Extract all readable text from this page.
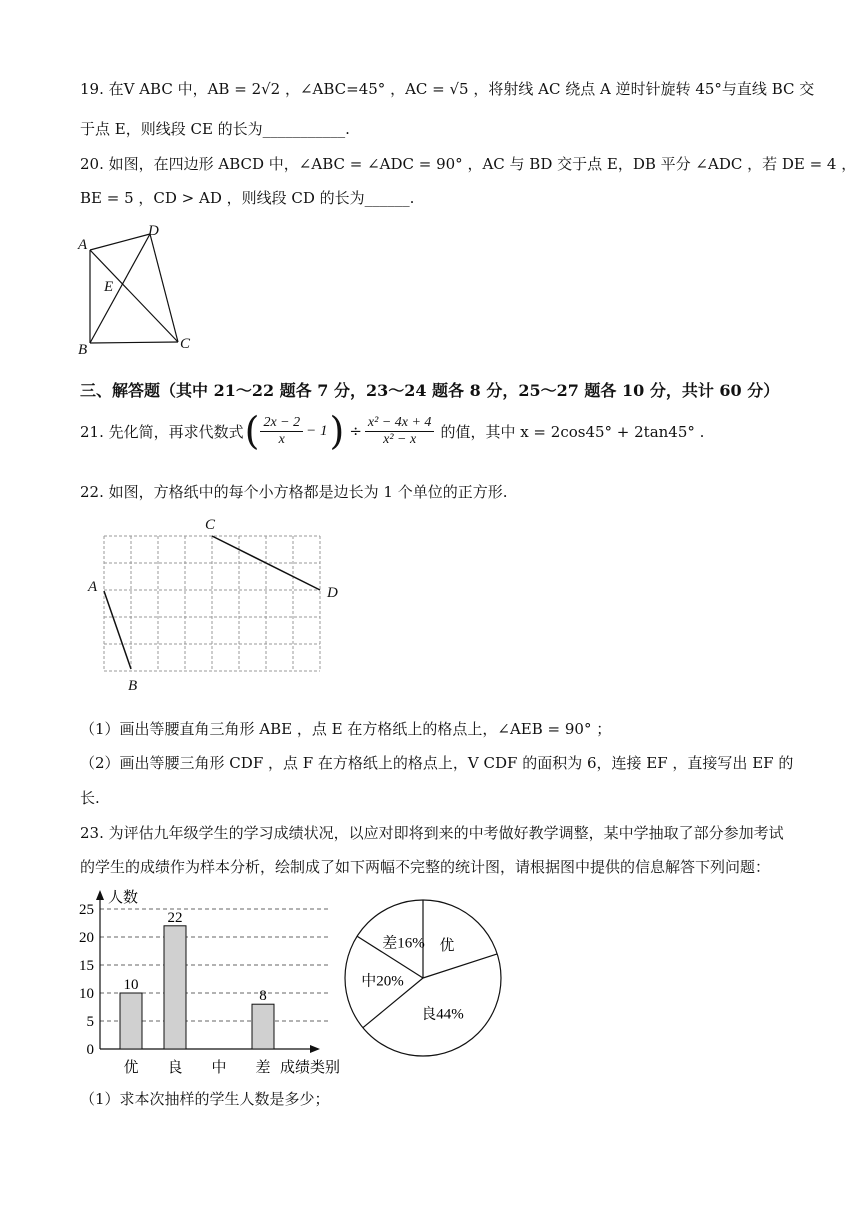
19. 在V ABC 中，AB = 2√2 ，∠ABC=45° ，AC = √5 ，将射线 AC 绕点 A 逆时针旋转 45°与直线 BC 交
于点 E，则线段 CE 的长为___________.
20. 如图，在四边形 ABCD 中，∠ABC = ∠ADC = 90° ，AC 与 BD 交于点 E，DB 平分 ∠ADC ，若 DE = 4 ，
BE = 5 ，CD > AD ，则线段 CD 的长为______.
A
D
E
B	C
三、解答题（其中 21～22 题各 7 分，23～24 题各 8 分，25～27 题各 10 分，共计 60 分）
21. 先化简，再求代数式 ( $\frac{2x - 2}{x} - 1$ ) ÷ $\frac{\text{x² − 4x + 4}}{\text{x² − x}}$ 的值，其中 x = 2cos45° + 2tan45° .
22. 如图，方格纸中的每个小方格都是边长为 1 个单位的正方形.
A
B
C
D
（1）画出等腰直角三角形 ABE ，点 E 在方格纸上的格点上，∠AEB = 90° ；
（2）画出等腰三角形 CDF ，点 F 在方格纸上的格点上，V CDF 的面积为 6，连接 EF ，直接写出 EF 的
长.
23. 为评估九年级学生的学习成绩状况，以应对即将到来的中考做好教学调整，某中学抽取了部分参加考试
的学生的成绩作为样本分析，绘制成了如下两幅不完整的统计图，请根据图中提供的信息解答下列问题：
0
5
10
15
20
25
人数
成绩类别
优
10
良
22
中 差
8
优
良44%
中20%
差16%
（1）求本次抽样的学生人数是多少；
